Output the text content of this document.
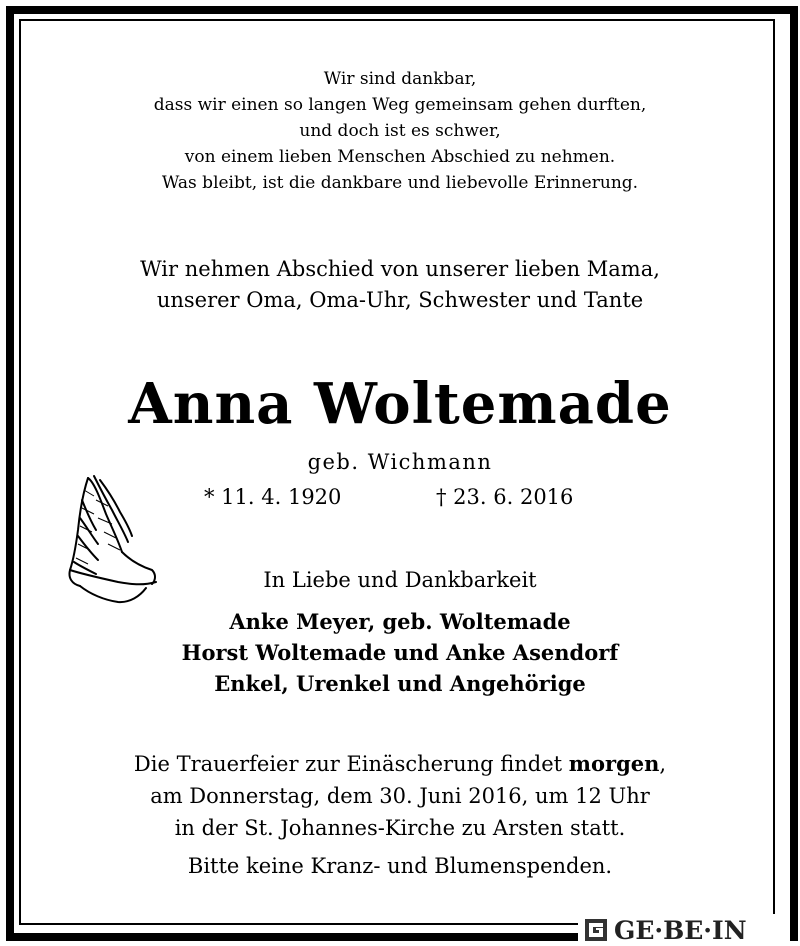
Wir sind dankbar,
dass wir einen so langen Weg gemeinsam gehen durften,
und doch ist es schwer,
von einem lieben Menschen Abschied zu nehmen.
Was bleibt, ist die dankbare und liebevolle Erinnerung.
Wir nehmen Abschied von unserer lieben Mama,
unserer Oma, Oma-Uhr, Schwester und Tante
Anna Woltemade
geb. Wichmann
* 11. 4. 1920	† 23. 6. 2016
In Liebe und Dankbarkeit
Anke Meyer, geb. Woltemade
Horst Woltemade und Anke Asendorf
Enkel, Urenkel und Angehörige
Die Trauerfeier zur Einäscherung findet morgen,
am Donnerstag, dem 30. Juni 2016, um 12 Uhr
in der St. Johannes-Kirche zu Arsten statt.
Bitte keine Kranz- und Blumenspenden.
GE·BE·IN
